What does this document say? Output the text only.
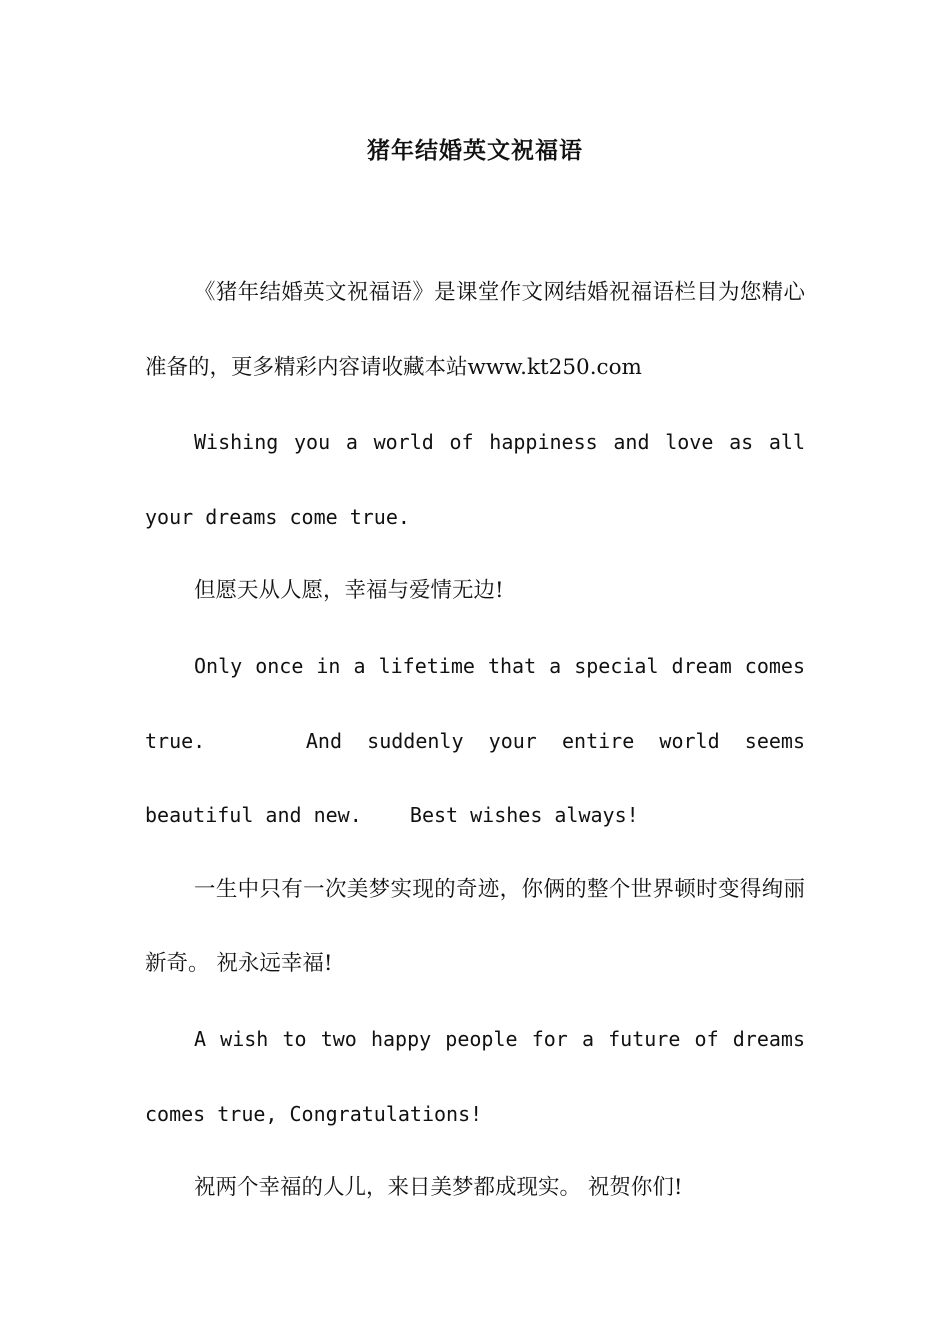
猪年结婚英文祝福语

《猪年结婚英文祝福语》是课堂作文网结婚祝福语栏目为您精心准备的，更多精彩内容请收藏本站www.kt250.com

Wishing you a world of happiness and love as all your dreams come true.

但愿天从人愿，幸福与爱情无边!

Only once in a lifetime that a special dream comes true.    And suddenly your entire world seems beautiful and new.    Best wishes always!

一生中只有一次美梦实现的奇迹，你俩的整个世界顿时变得绚丽新奇。 祝永远幸福!

A wish to two happy people for a future of dreams comes true, Congratulations!

祝两个幸福的人儿，来日美梦都成现实。 祝贺你们!
